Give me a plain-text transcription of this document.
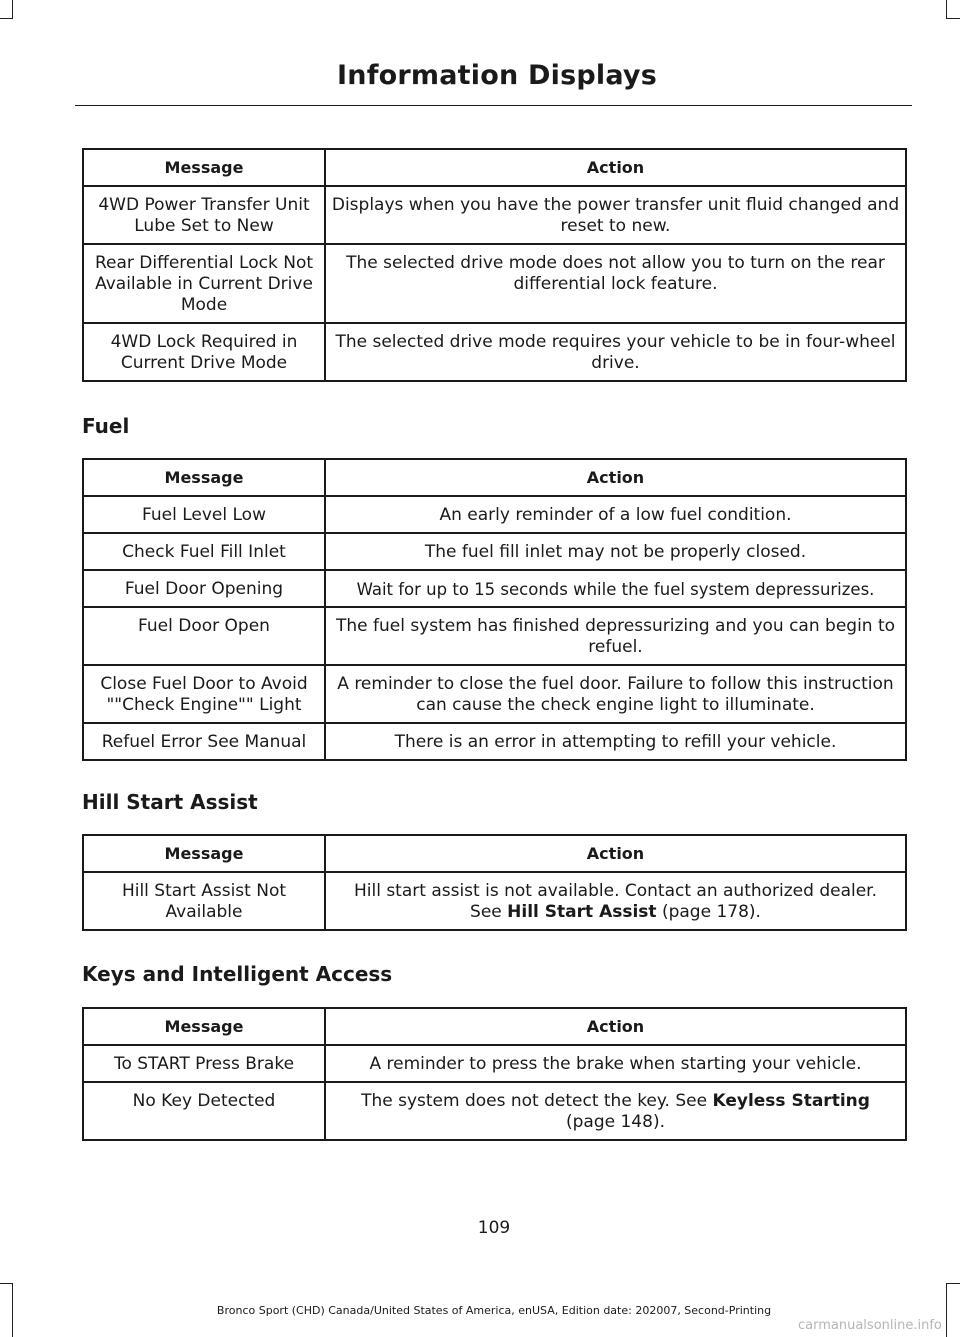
Information Displays
Message	Action
4WD Power Transfer Unit Lube Set to New	Displays when you have the power transfer unit fluid changed and reset to new.
Rear Differential Lock Not Available in Current Drive Mode	The selected drive mode does not allow you to turn on the rear differential lock feature.
4WD Lock Required in Current Drive Mode	The selected drive mode requires your vehicle to be in four-wheel drive.
Fuel
Message	Action
Fuel Level Low	An early reminder of a low fuel condition.
Check Fuel Fill Inlet	The fuel fill inlet may not be properly closed.
Fuel Door Opening	Wait for up to 15 seconds while the fuel system depressurizes.
Fuel Door Open	The fuel system has finished depressurizing and you can begin to refuel.
Close Fuel Door to Avoid ""Check Engine"" Light	A reminder to close the fuel door. Failure to follow this instruction can cause the check engine light to illuminate.
Refuel Error See Manual	There is an error in attempting to refill your vehicle.
Hill Start Assist
Message	Action
Hill Start Assist Not Available	Hill start assist is not available. Contact an authorized dealer.
See Hill Start Assist (page 178).
Keys and Intelligent Access
Message	Action
To START Press Brake	A reminder to press the brake when starting your vehicle.
No Key Detected	The system does not detect the key. See Keyless Starting
(page 148).
109
Bronco Sport (CHD) Canada/United States of America, enUSA, Edition date: 202007, Second-Printing
carmanualsonline.info
